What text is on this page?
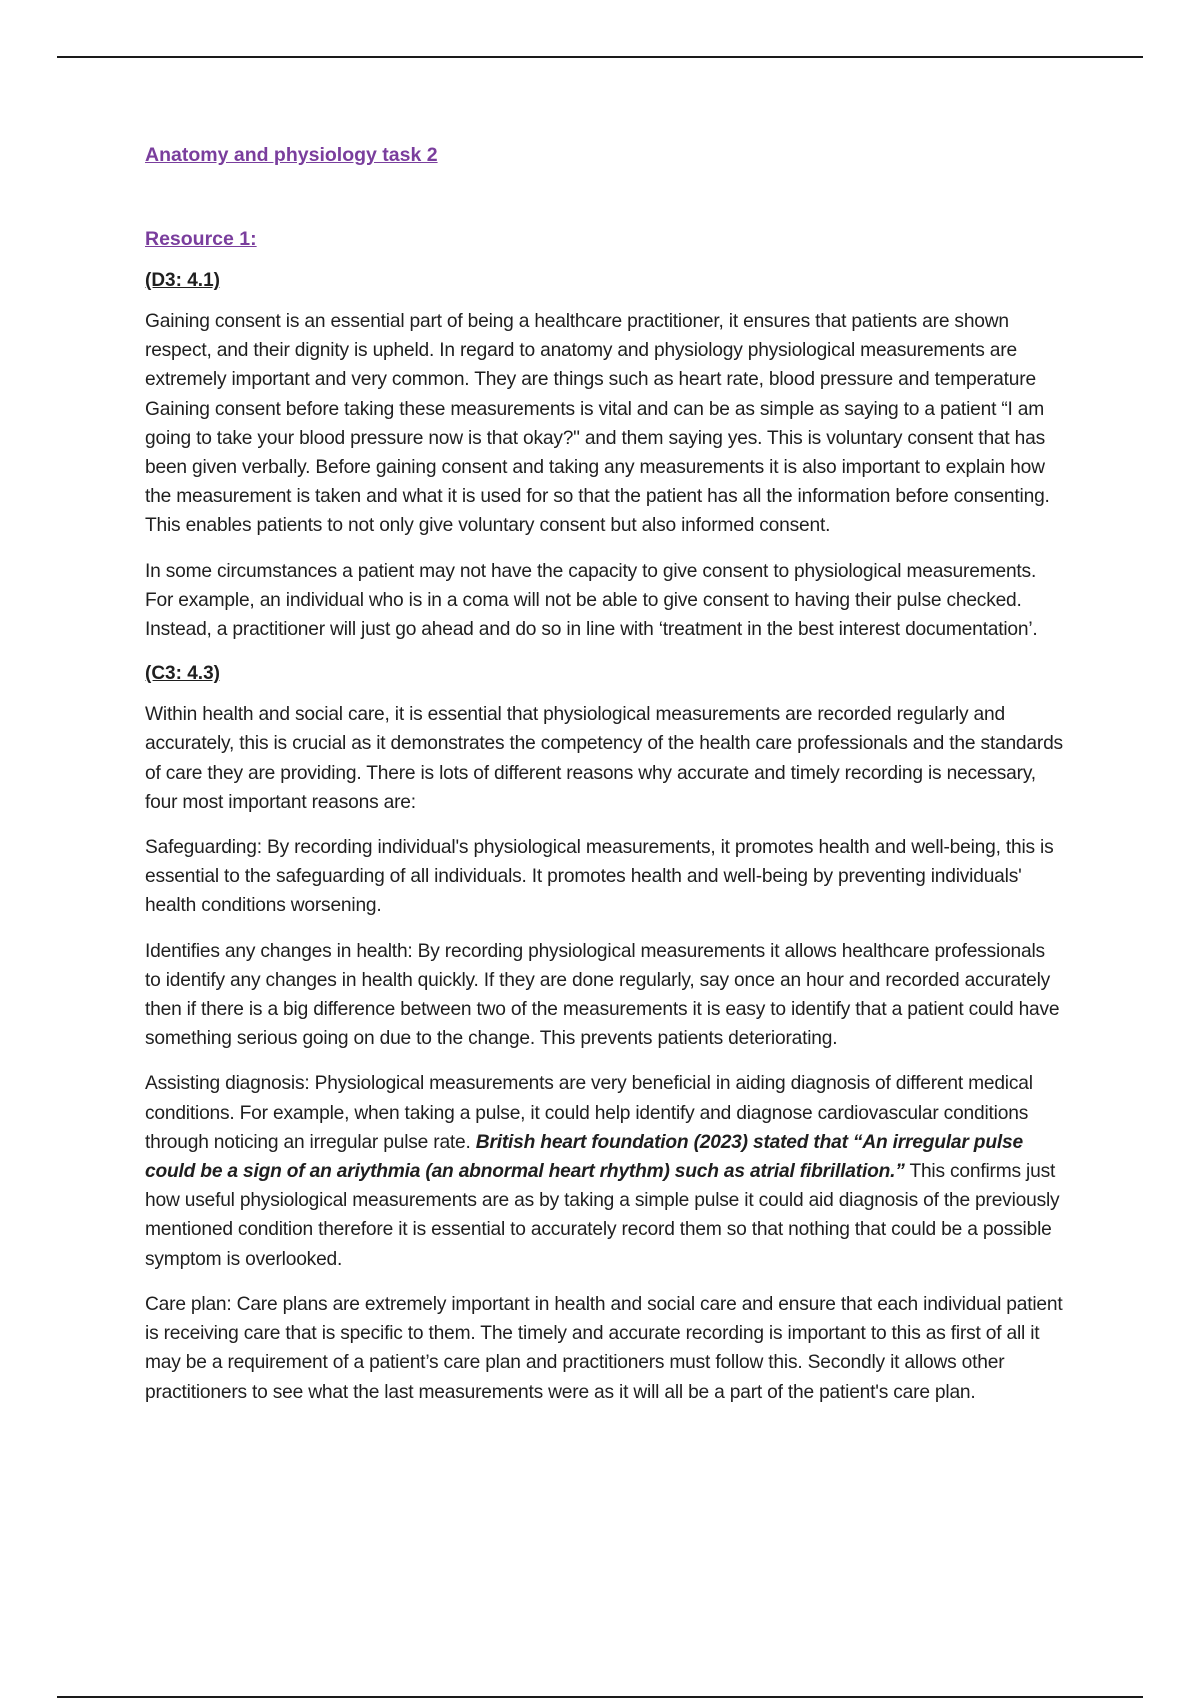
Anatomy and physiology task 2

Resource 1:

(D3: 4.1)

Gaining consent is an essential part of being a healthcare practitioner, it ensures that patients are shown respect, and their dignity is upheld. In regard to anatomy and physiology physiological measurements are extremely important and very common. They are things such as heart rate, blood pressure and temperature Gaining consent before taking these measurements is vital and can be as simple as saying to a patient “I am going to take your blood pressure now is that okay?" and them saying yes. This is voluntary consent that has been given verbally. Before gaining consent and taking any measurements it is also important to explain how the measurement is taken and what it is used for so that the patient has all the information before consenting. This enables patients to not only give voluntary consent but also informed consent.

In some circumstances a patient may not have the capacity to give consent to physiological measurements. For example, an individual who is in a coma will not be able to give consent to having their pulse checked. Instead, a practitioner will just go ahead and do so in line with ‘treatment in the best interest documentation’.

(C3: 4.3)

Within health and social care, it is essential that physiological measurements are recorded regularly and accurately, this is crucial as it demonstrates the competency of the health care professionals and the standards of care they are providing. There is lots of different reasons why accurate and timely recording is necessary, four most important reasons are:

Safeguarding: By recording individual's physiological measurements, it promotes health and well-being, this is essential to the safeguarding of all individuals. It promotes health and well-being by preventing individuals' health conditions worsening.

Identifies any changes in health: By recording physiological measurements it allows healthcare professionals to identify any changes in health quickly. If they are done regularly, say once an hour and recorded accurately then if there is a big difference between two of the measurements it is easy to identify that a patient could have something serious going on due to the change. This prevents patients deteriorating.

Assisting diagnosis: Physiological measurements are very beneficial in aiding diagnosis of different medical conditions. For example, when taking a pulse, it could help identify and diagnose cardiovascular conditions through noticing an irregular pulse rate. British heart foundation (2023) stated that “An irregular pulse could be a sign of an ariythmia (an abnormal heart rhythm) such as atrial fibrillation.” This confirms just how useful physiological measurements are as by taking a simple pulse it could aid diagnosis of the previously mentioned condition therefore it is essential to accurately record them so that nothing that could be a possible symptom is overlooked.

Care plan: Care plans are extremely important in health and social care and ensure that each individual patient is receiving care that is specific to them. The timely and accurate recording is important to this as first of all it may be a requirement of a patient’s care plan and practitioners must follow this. Secondly it allows other practitioners to see what the last measurements were as it will all be a part of the patient's care plan.
